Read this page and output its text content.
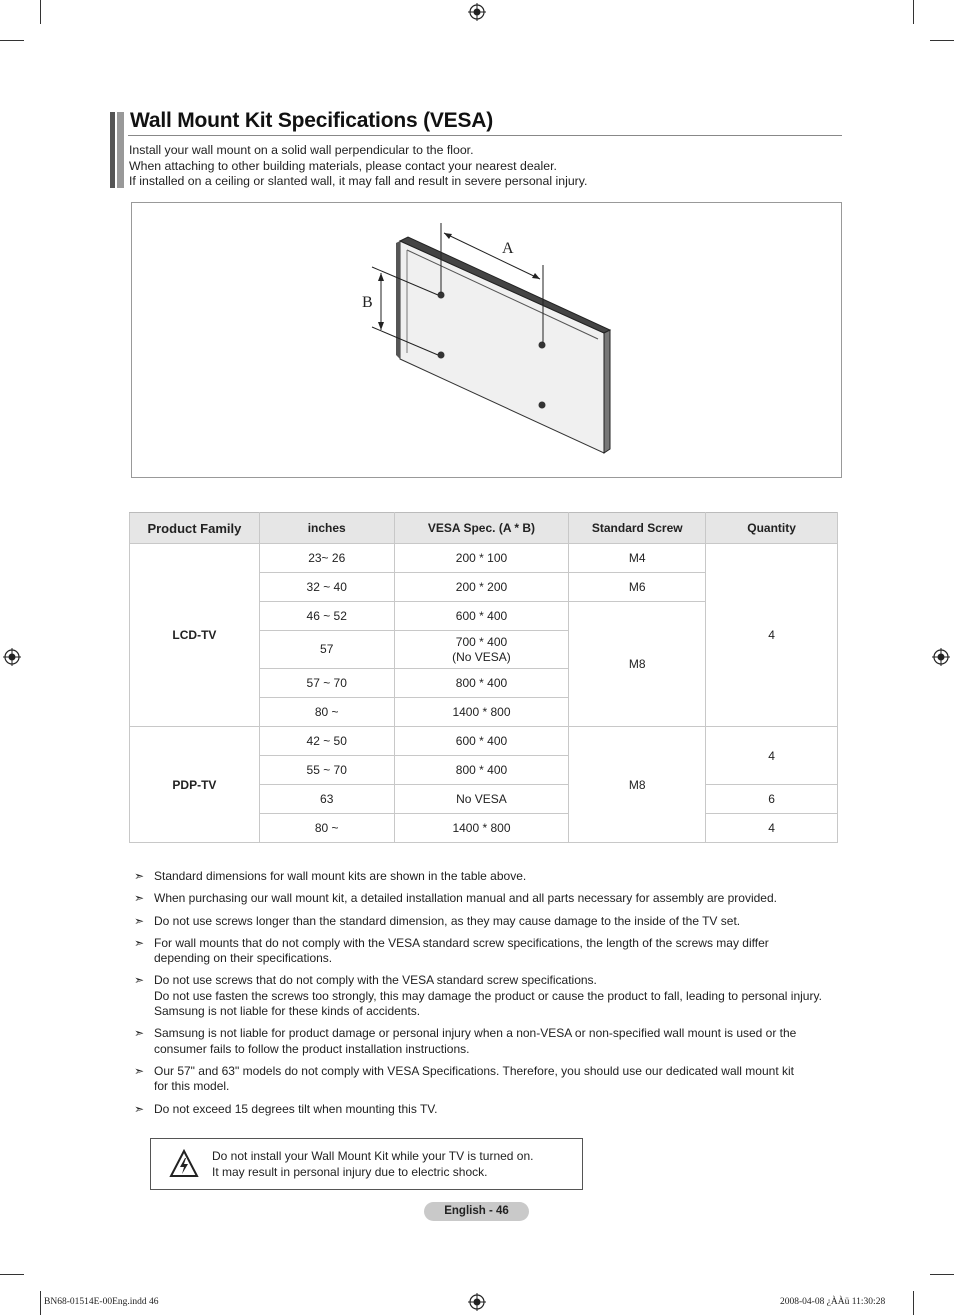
Wall Mount Kit Specifications (VESA)
Install your wall mount on a solid wall perpendicular to the floor.
When attaching to other building materials, please contact your nearest dealer.
If installed on a ceiling or slanted wall, it may fall and result in severe personal injury.
A
B
Product Family	inches	VESA Spec. (A * B)	Standard Screw	Quantity
LCD-TV	23~ 26	200 * 100	M4	4
	32 ~ 40	200 * 200	M6	
	46 ~ 52	600 * 400	M8	
	57	700 * 400
(No VESA)		

	57 ~ 70	800 * 400		
	80 ~	1400 * 800		
PDP-TV	42 ~ 50	600 * 400	M8	4
	55 ~ 70	800 * 400		
	63	No VESA		6
	80 ~	1400 * 800		4
➣ Standard dimensions for wall mount kits are shown in the table above.
➣ When purchasing our wall mount kit, a detailed installation manual and all parts necessary for assembly are provided.
➣ Do not use screws longer than the standard dimension, as they may cause damage to the inside of the TV set.
➣ For wall mounts that do not comply with the VESA standard screw specifications, the length of the screws may differ
depending on their specifications.
➣ Do not use screws that do not comply with the VESA standard screw specifications.
Do not use fasten the screws too strongly, this may damage the product or cause the product to fall, leading to personal injury.
Samsung is not liable for these kinds of accidents.
➣ Samsung is not liable for product damage or personal injury when a non-VESA or non-specified wall mount is used or the
consumer fails to follow the product installation instructions.
➣ Our 57" and 63" models do not comply with VESA Specifications. Therefore, you should use our dedicated wall mount kit
for this model.
➣ Do not exceed 15 degrees tilt when mounting this TV.
Do not install your Wall Mount Kit while your TV is turned on.
It may result in personal injury due to electric shock.
English - 46
BN68-01514E-00Eng.indd 46	2008-04-08 ¿ÀÀü 11:30:28
